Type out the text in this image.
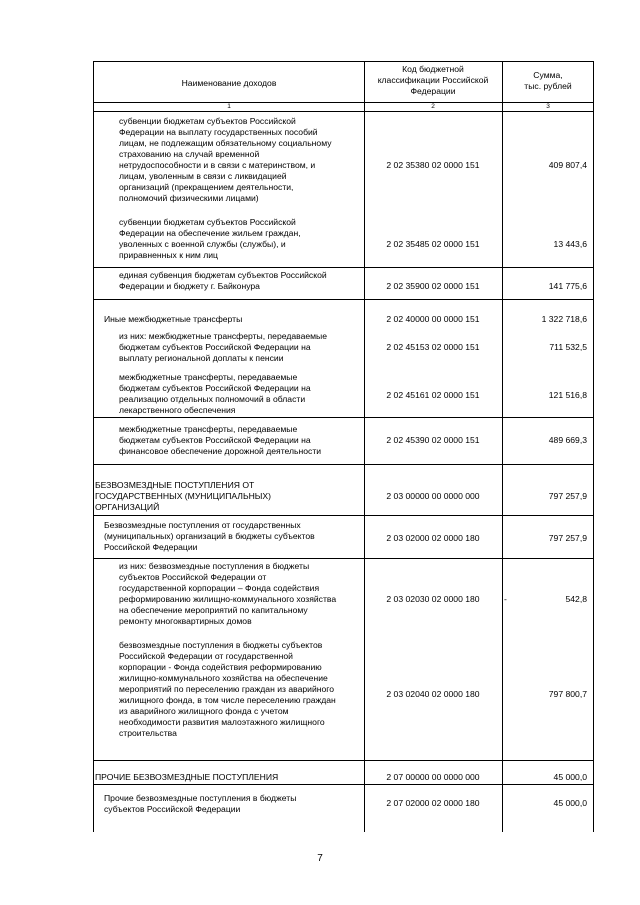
Наименование доходов
Код бюджетной
классификации Российской
Федерации
Сумма,
тыс. рублей
1	2	3
субвенции бюджетам субъектов Российской
Федерации на выплату государственных пособий
лицам, не подлежащим обязательному социальному
страхованию на случай временной
нетрудоспособности и в связи с материнством, и
лицам, уволенным в связи с ликвидацией
организаций (прекращением деятельности,
полномочий физическими лицами)
2 02 35380 02 0000 151	409 807,4
субвенции бюджетам субъектов Российской
Федерации на обеспечение жильем граждан,
уволенных с военной службы (службы), и
приравненных к ним лиц
2 02 35485 02 0000 151	13 443,6
единая субвенция бюджетам субъектов Российской
Федерации и бюджету г. Байконура	2 02 35900 02 0000 151	141 775,6
Иные межбюджетные трансферты	2 02 40000 00 0000 151	1 322 718,6
из них: межбюджетные трансферты, передаваемые
бюджетам субъектов Российской Федерации на
выплату региональной доплаты к пенсии
2 02 45153 02 0000 151	711 532,5
межбюджетные трансферты, передаваемые
бюджетам субъектов Российской Федерации на
реализацию отдельных полномочий в области
лекарственного обеспечения
2 02 45161 02 0000 151	121 516,8
межбюджетные трансферты, передаваемые
бюджетам субъектов Российской Федерации на
финансовое обеспечение дорожной деятельности
2 02 45390 02 0000 151	489 669,3
БЕЗВОЗМЕЗДНЫЕ ПОСТУПЛЕНИЯ ОТ
ГОСУДАРСТВЕННЫХ (МУНИЦИПАЛЬНЫХ)
ОРГАНИЗАЦИЙ
2 03 00000 00 0000 000	797 257,9
Безвозмездные поступления от государственных
(муниципальных) организаций в бюджеты субъектов
Российской Федерации
2 03 02000 02 0000 180	797 257,9
из них: безвозмездные поступления в бюджеты
субъектов Российской Федерации от
государственной корпорации – Фонда содействия
реформированию жилищно-коммунального хозяйства
на обеспечение мероприятий по капитальному
ремонту многоквартирных домов
2 03 02030 02 0000 180	-	542,8
безвозмездные поступления в бюджеты субъектов
Российской Федерации от государственной
корпорации - Фонда содействия реформированию
жилищно-коммунального хозяйства на обеспечение
мероприятий по переселению граждан из аварийного
жилищного фонда, в том числе переселению граждан
из аварийного жилищного фонда с учетом
необходимости развития малоэтажного жилищного
строительства
2 03 02040 02 0000 180	797 800,7
ПРОЧИЕ БЕЗВОЗМЕЗДНЫЕ ПОСТУПЛЕНИЯ	2 07 00000 00 0000 000	45 000,0
Прочие безвозмездные поступления в бюджеты
субъектов Российской Федерации
2 07 02000 02 0000 180	45 000,0
7
